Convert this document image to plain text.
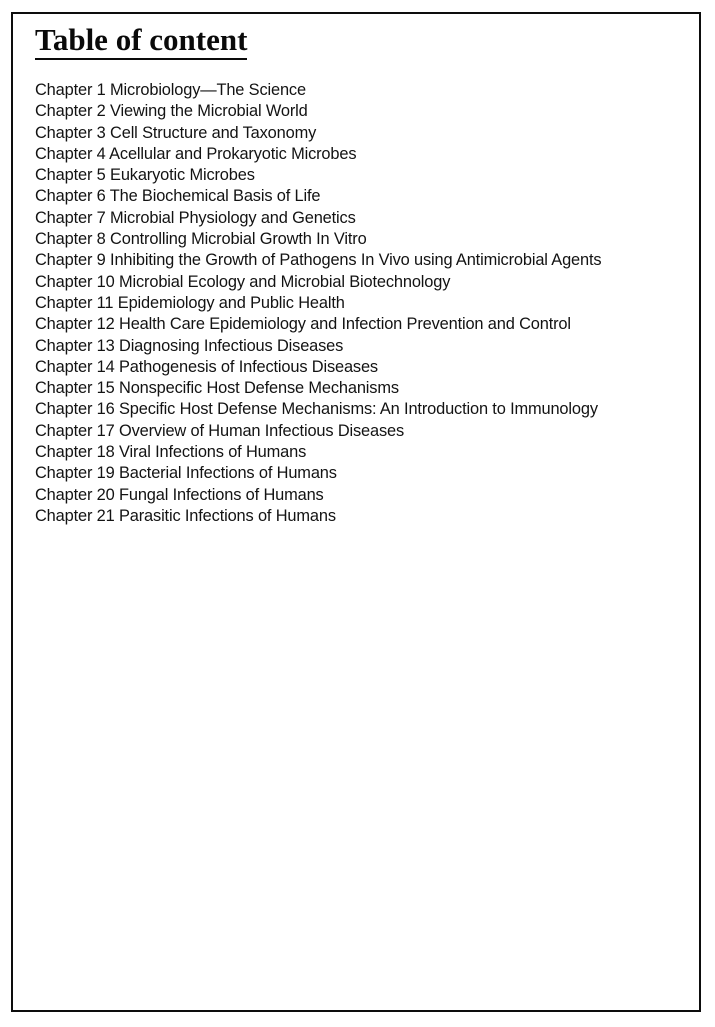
Table of content
Chapter 1 Microbiology—The Science
Chapter 2 Viewing the Microbial World
Chapter 3 Cell Structure and Taxonomy
Chapter 4 Acellular and Prokaryotic Microbes
Chapter 5 Eukaryotic Microbes
Chapter 6 The Biochemical Basis of Life
Chapter 7 Microbial Physiology and Genetics
Chapter 8 Controlling Microbial Growth In Vitro
Chapter 9 Inhibiting the Growth of Pathogens In Vivo using Antimicrobial Agents
Chapter 10 Microbial Ecology and Microbial Biotechnology
Chapter 11 Epidemiology and Public Health
Chapter 12 Health Care Epidemiology and Infection Prevention and Control
Chapter 13 Diagnosing Infectious Diseases
Chapter 14 Pathogenesis of Infectious Diseases
Chapter 15 Nonspecific Host Defense Mechanisms
Chapter 16 Specific Host Defense Mechanisms: An Introduction to Immunology
Chapter 17 Overview of Human Infectious Diseases
Chapter 18 Viral Infections of Humans
Chapter 19 Bacterial Infections of Humans
Chapter 20 Fungal Infections of Humans
Chapter 21 Parasitic Infections of Humans
